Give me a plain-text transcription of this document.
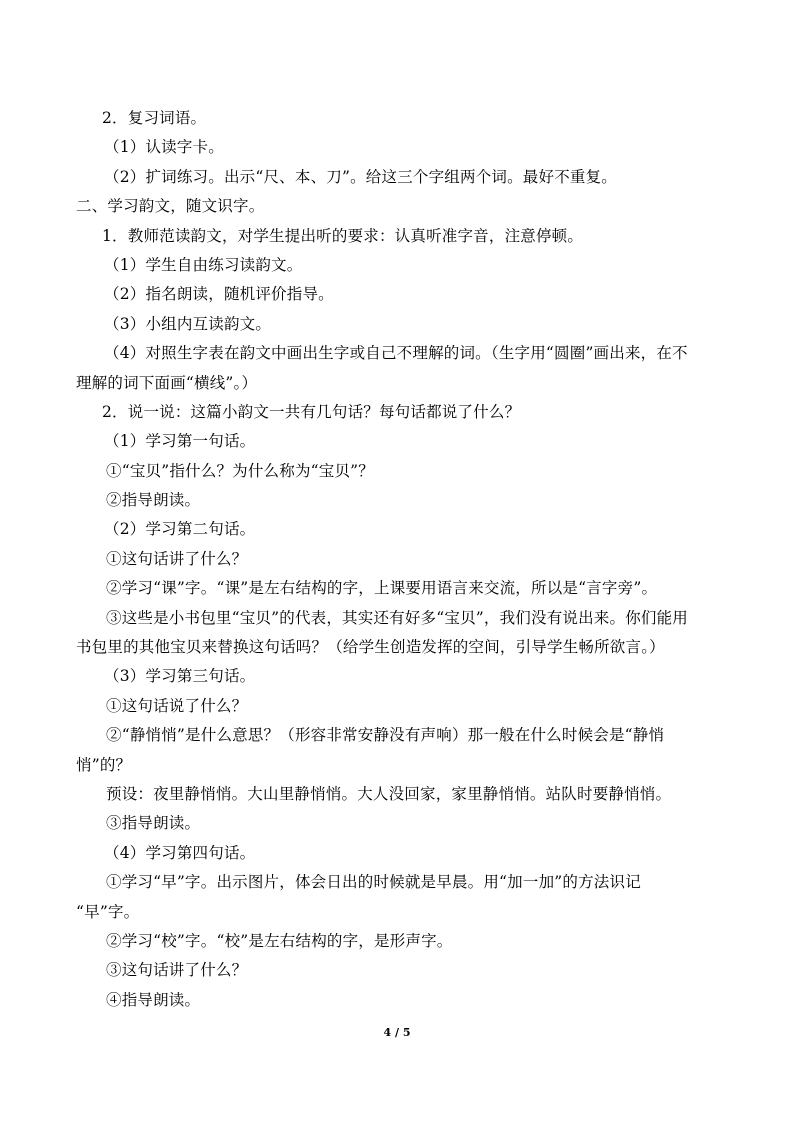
2．复习词语。
（1）认读字卡。
（2）扩词练习。出示“尺、本、刀”。给这三个字组两个词。最好不重复。
二、学习韵文，随文识字。
1．教师范读韵文，对学生提出听的要求：认真听准字音，注意停顿。
（1）学生自由练习读韵文。
（2）指名朗读，随机评价指导。
（3）小组内互读韵文。
（4）对照生字表在韵文中画出生字或自己不理解的词。（生字用“圆圈”画出来，在不
理解的词下面画“横线”。）
2．说一说：这篇小韵文一共有几句话？每句话都说了什么？
（1）学习第一句话。
①“宝贝”指什么？为什么称为“宝贝”？
②指导朗读。
（2）学习第二句话。
①这句话讲了什么？
②学习“课”字。“课”是左右结构的字，上课要用语言来交流，所以是“言字旁”。
③这些是小书包里“宝贝”的代表，其实还有好多“宝贝”，我们没有说出来。你们能用
书包里的其他宝贝来替换这句话吗？（给学生创造发挥的空间，引导学生畅所欲言。）
（3）学习第三句话。
①这句话说了什么？
②“静悄悄”是什么意思？（形容非常安静没有声响）那一般在什么时候会是“静悄
悄”的？
预设：夜里静悄悄。大山里静悄悄。大人没回家，家里静悄悄。站队时要静悄悄。
③指导朗读。
（4）学习第四句话。
①学习“早”字。出示图片，体会日出的时候就是早晨。用“加一加”的方法识记
“早”字。
②学习“校”字。“校”是左右结构的字，是形声字。
③这句话讲了什么？
④指导朗读。
4 / 5
